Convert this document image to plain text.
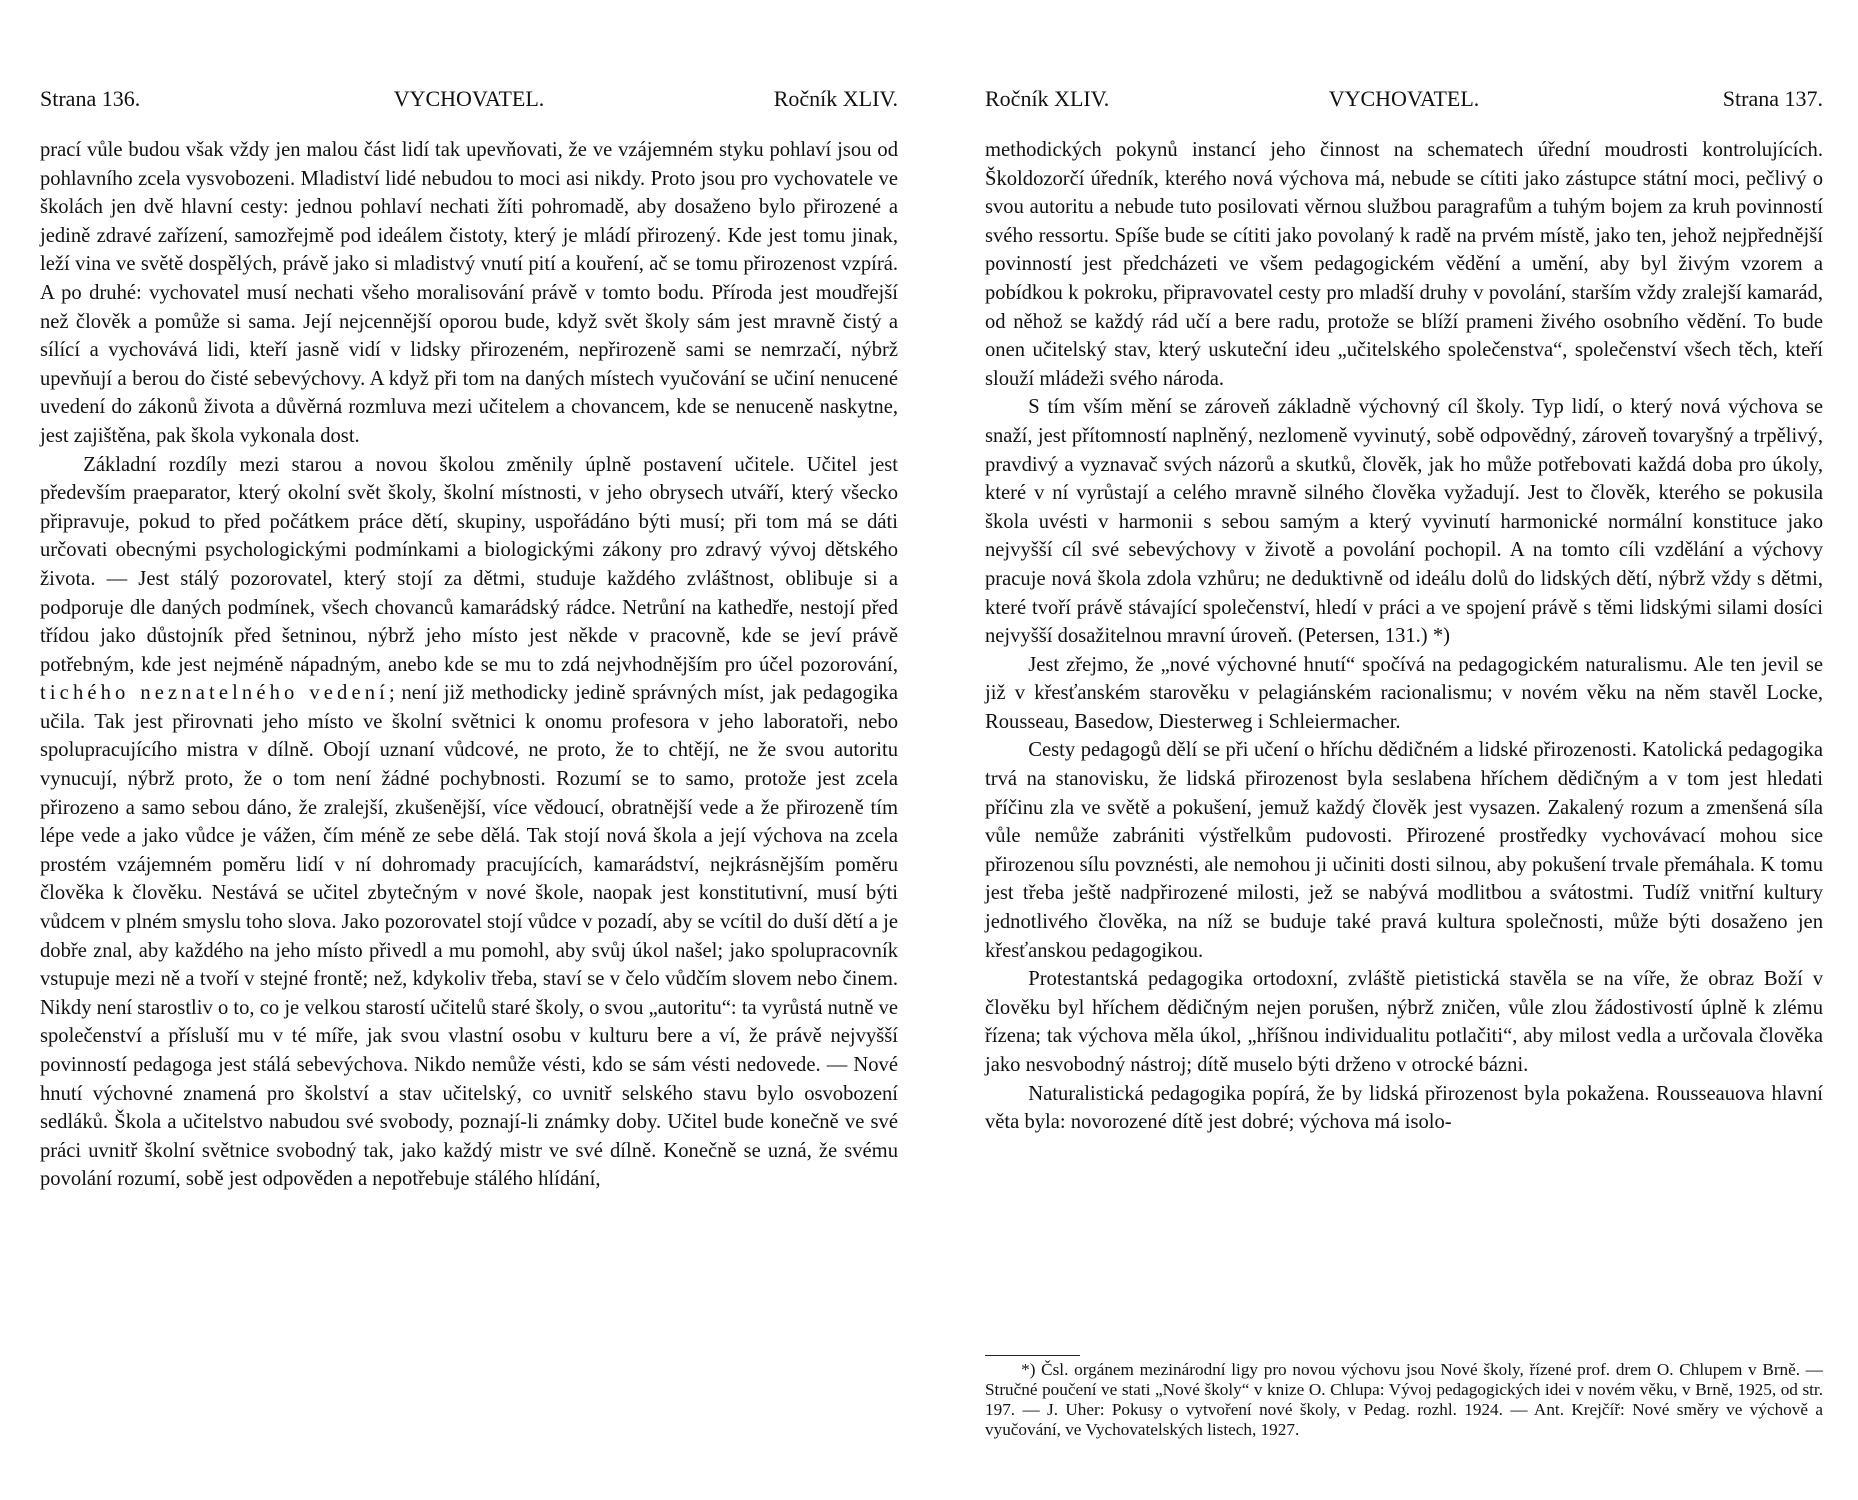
Strana 136.	VYCHOVATEL.	Ročník XLIV.

prací vůle budou však vždy jen malou část lidí tak upevňovati, že ve vzájemném styku pohlaví jsou od pohlavního zcela vysvobozeni. Mladiství lidé nebudou to moci asi nikdy. Proto jsou pro vychovatele ve školách jen dvě hlavní cesty: jednou pohlaví nechati žíti pohromadě, aby dosaženo bylo přirozené a jedině zdravé zařízení, samozřejmě pod ideálem čistoty, který je mládí přirozený. Kde jest tomu jinak, leží vina ve světě dospělých, právě jako si mladistvý vnutí pití a kouření, ač se tomu přirozenost vzpírá. A po druhé: vychovatel musí nechati všeho moralisování právě v tomto bodu. Příroda jest moudřejší než člověk a pomůže si sama. Její nejcennější oporou bude, když svět školy sám jest mravně čistý a sílící a vychovává lidi, kteří jasně vidí v lidsky přirozeném, nepřirozeně sami se nemrzačí, nýbrž upevňují a berou do čisté sebevýchovy. A když při tom na daných místech vyučování se učiní nenucené uvedení do zákonů života a důvěrná rozmluva mezi učitelem a chovancem, kde se nenuceně naskytne, jest zajištěna, pak škola vykonala dost.

Základní rozdíly mezi starou a novou školou změnily úplně postavení učitele. Učitel jest především praeparator, který okolní svět školy, školní místnosti, v jeho obrysech utváří, který všecko připravuje, pokud to před počátkem práce dětí, skupiny, uspořádáno býti musí; při tom má se dáti určovati obecnými psychologickými podmínkami a biologickými zákony pro zdravý vývoj dětského života. — Jest stálý pozorovatel, který stojí za dětmi, studuje každého zvláštnost, oblibuje si a podporuje dle daných podmínek, všech chovanců kamarádský rádce. Netrůní na kathedře, nestojí před třídou jako důstojník před šetninou, nýbrž jeho místo jest někde v pracovně, kde se jeví právě potřebným, kde jest nejméně nápadným, anebo kde se mu to zdá nejvhodnějším pro účel pozorování, tichého neznatelného vedení; není již methodicky jedině správných míst, jak pedagogika učila. Tak jest přirovnati jeho místo ve školní světnici k onomu profesora v jeho laboratoři, nebo spolupracujícího mistra v dílně. Obojí uznaní vůdcové, ne proto, že to chtějí, ne že svou autoritu vynucují, nýbrž proto, že o tom není žádné pochybnosti. Rozumí se to samo, protože jest zcela přirozeno a samo sebou dáno, že zralejší, zkušenější, více vědoucí, obratnější vede a že přirozeně tím lépe vede a jako vůdce je vážen, čím méně ze sebe dělá. Tak stojí nová škola a její výchova na zcela prostém vzájemném poměru lidí v ní dohromady pracujících, kamarádství, nejkrásnějším poměru člověka k člověku. Nestává se učitel zbytečným v nové škole, naopak jest konstitutivní, musí býti vůdcem v plném smyslu toho slova. Jako pozorovatel stojí vůdce v pozadí, aby se vcítil do duší dětí a je dobře znal, aby každého na jeho místo přivedl a mu pomohl, aby svůj úkol našel; jako spolupracovník vstupuje mezi ně a tvoří v stejné frontě; než, kdykoliv třeba, staví se v čelo vůdčím slovem nebo činem. Nikdy není starostliv o to, co je velkou starostí učitelů staré školy, o svou „autoritu“: ta vyrůstá nutně ve společenství a přísluší mu v té míře, jak svou vlastní osobu v kulturu bere a ví, že právě nejvyšší povinností pedagoga jest stálá sebevýchova. Nikdo nemůže vésti, kdo se sám vésti nedovede. — Nové hnutí výchovné znamená pro školství a stav učitelský, co uvnitř selského stavu bylo osvobození sedláků. Škola a učitelstvo nabudou své svobody, poznají-li známky doby. Učitel bude konečně ve své práci uvnitř školní světnice svobodný tak, jako každý mistr ve své dílně. Konečně se uzná, že svému povolání rozumí, sobě jest odpověden a nepotřebuje stálého hlídání,

Ročník XLIV.	VYCHOVATEL.	Strana 137.

methodických pokynů instancí jeho činnost na schematech úřední moudrosti kontrolujících. Školdozorčí úředník, kterého nová výchova má, nebude se cítiti jako zástupce státní moci, pečlivý o svou autoritu a nebude tuto posilovati věrnou službou paragrafům a tuhým bojem za kruh povinností svého ressortu. Spíše bude se cítiti jako povolaný k radě na prvém místě, jako ten, jehož nejpřednější povinností jest předcházeti ve všem pedagogickém vědění a umění, aby byl živým vzorem a pobídkou k pokroku, připravovatel cesty pro mladší druhy v povolání, starším vždy zralejší kamarád, od něhož se každý rád učí a bere radu, protože se blíží prameni živého osobního vědění. To bude onen učitelský stav, který uskuteční ideu „učitelského společenstva“, společenství všech těch, kteří slouží mládeži svého národa.

S tím vším mění se zároveň základně výchovný cíl školy. Typ lidí, o který nová výchova se snaží, jest přítomností naplněný, nezlomeně vyvinutý, sobě odpovědný, zároveň tovaryšný a trpělivý, pravdivý a vyznavač svých názorů a skutků, člověk, jak ho může potřebovati každá doba pro úkoly, které v ní vyrůstají a celého mravně silného člověka vyžadují. Jest to člověk, kterého se pokusila škola uvésti v harmonii s sebou samým a který vyvinutí harmonické normální konstituce jako nejvyšší cíl své sebevýchovy v životě a povolání pochopil. A na tomto cíli vzdělání a výchovy pracuje nová škola zdola vzhůru; ne deduktivně od ideálu dolů do lidských dětí, nýbrž vždy s dětmi, které tvoří právě stávající společenství, hledí v práci a ve spojení právě s těmi lidskými silami dosíci nejvyšší dosažitelnou mravní úroveň. (Petersen, 131.) *)

Jest zřejmo, že „nové výchovné hnutí“ spočívá na pedagogickém naturalismu. Ale ten jevil se již v křesťanském starověku v pelagiánském racionalismu; v novém věku na něm stavěl Locke, Rousseau, Basedow, Diesterweg i Schleiermacher.

Cesty pedagogů dělí se při učení o hříchu dědičném a lidské přirozenosti. Katolická pedagogika trvá na stanovisku, že lidská přirozenost byla seslabena hříchem dědičným a v tom jest hledati příčinu zla ve světě a pokušení, jemuž každý člověk jest vysazen. Zakalený rozum a zmenšená síla vůle nemůže zabrániti výstřelkům pudovosti. Přirozené prostředky vychovávací mohou sice přirozenou sílu povznésti, ale nemohou ji učiniti dosti silnou, aby pokušení trvale přemáhala. K tomu jest třeba ještě nadpřirozené milosti, jež se nabývá modlitbou a svátostmi. Tudíž vnitřní kultury jednotlivého člověka, na níž se buduje také pravá kultura společnosti, může býti dosaženo jen křesťanskou pedagogikou.

Protestantská pedagogika ortodoxní, zvláště pietistická stavěla se na víře, že obraz Boží v člověku byl hříchem dědičným nejen porušen, nýbrž zničen, vůle zlou žádostivostí úplně k zlému řízena; tak výchova měla úkol, „hříšnou individualitu potlačiti“, aby milost vedla a určovala člověka jako nesvobodný nástroj; dítě muselo býti drženo v otrocké bázni.

Naturalistická pedagogika popírá, že by lidská přirozenost byla pokažena. Rousseauova hlavní věta byla: novorozené dítě jest dobré; výchova má isolo-

*) Čsl. orgánem mezinárodní ligy pro novou výchovu jsou Nové školy, řízené prof. drem O. Chlupem v Brně. — Stručné poučení ve stati „Nové školy“ v knize O. Chlupa: Vývoj pedagogických idei v novém věku, v Brně, 1925, od str. 197. — J. Uher: Pokusy o vytvoření nové školy, v Pedag. rozhl. 1924. — Ant. Krejčíř: Nové směry ve výchově a vyučování, ve Vychovatelských listech, 1927.
